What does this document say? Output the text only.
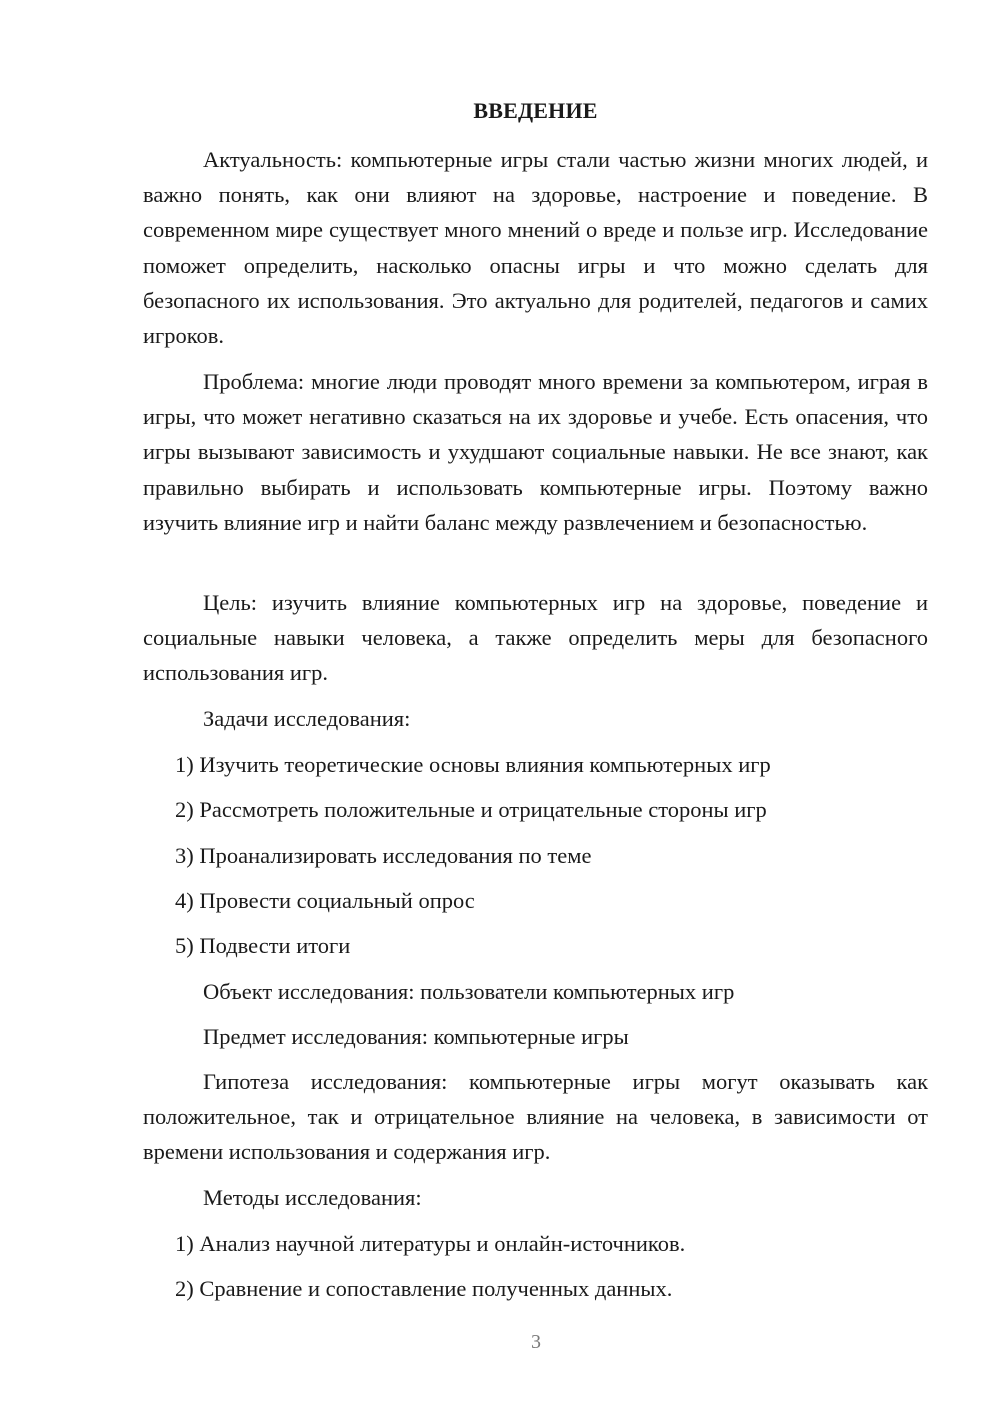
ВВЕДЕНИЕ

Актуальность: компьютерные игры стали частью жизни многих людей, и важно понять, как они влияют на здоровье, настроение и поведение. В современном мире существует много мнений о вреде и пользе игр. Исследование поможет определить, насколько опасны игры и что можно сделать для безопасного их использования. Это актуально для родителей, педагогов и самих игроков.

Проблема: многие люди проводят много времени за компьютером, играя в игры, что может негативно сказаться на их здоровье и учебе. Есть опасения, что игры вызывают зависимость и ухудшают социальные навыки. Не все знают, как правильно выбирать и использовать компьютерные игры. Поэтому важно изучить влияние игр и найти баланс между развлечением и безопасностью.

Цель: изучить влияние компьютерных игр на здоровье, поведение и социальные навыки человека, а также определить меры для безопасного использования игр.

Задачи исследования:

1) Изучить теоретические основы влияния компьютерных игр

2) Рассмотреть положительные и отрицательные стороны игр

3) Проанализировать исследования по теме

4) Провести социальный опрос

5) Подвести итоги

Объект исследования: пользователи компьютерных игр

Предмет исследования: компьютерные игры

Гипотеза исследования: компьютерные игры могут оказывать как положительное, так и отрицательное влияние на человека, в зависимости от времени использования и содержания игр.

Методы исследования:

1) Анализ научной литературы и онлайн-источников.

2) Сравнение и сопоставление полученных данных.

3
